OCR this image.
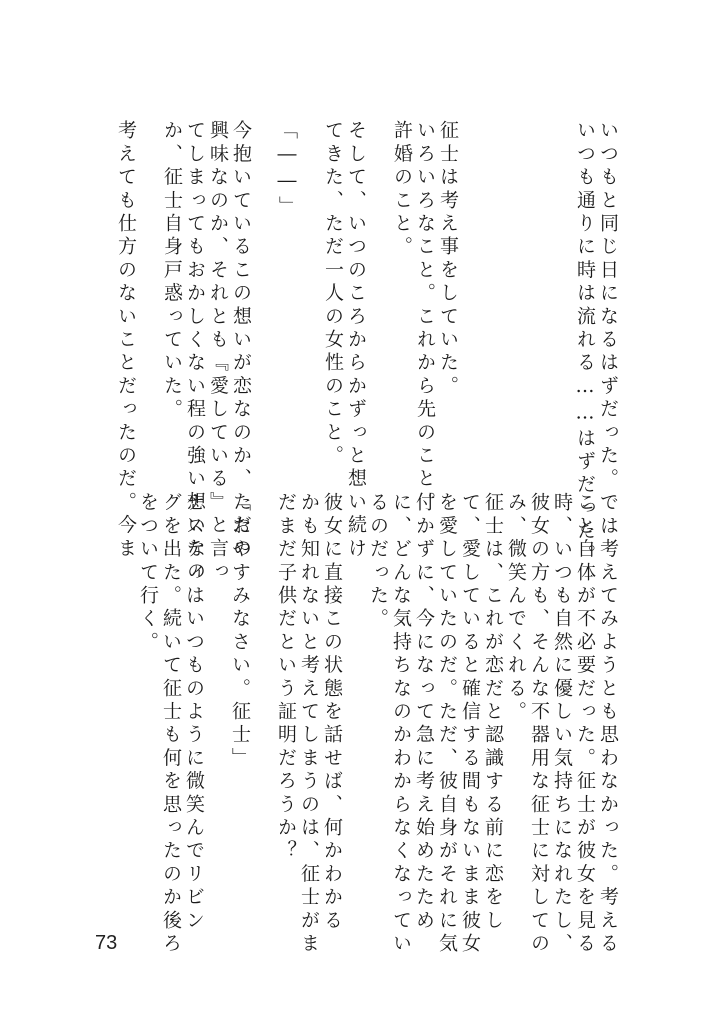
いつもと同じ日になるはずだった。

いつも通りに時は流れる……はずだった。

征士は考え事をしていた。

いろいろなこと。これから先のこと。

許婚のこと。

そして、いつのころからかずっと想い続け

てきた、ただ一人の女性のこと。

「――」

今抱いているこの想いが恋なのか、ただの

興味なのか、それとも『愛している』と言っ

てしまってもおかしくない程の強い想いなの

か、征士自身戸惑っていた。

考えても仕方のないことだったのだ。今ま

では考えてみようとも思わなかった。考える

こと自体が不必要だった。征士が彼女を見る

時、いつも自然に優しい気持ちになれたし、

彼女の方も、そんな不器用な征士に対しての

み、微笑んでくれる。

征士は、これが恋だと認識する前に恋をし

て、愛していると確信する間もないまま彼女

を愛していたのだ。ただ、彼自身がそれに気

付かずに、今になって急に考え始めたため

に、どんな気持ちなのかわからなくなってい

るのだった。

彼女に直接この状態を話せば、何かわかる

かも知れないと考えてしまうのは、征士がま

だまだ子供だという証明だろうか？

「おやすみなさい。征士」

ナスティはいつものように微笑んでリビン

グを出た。続いて征士も何を思ったのか後ろ

をついて行く。

73
